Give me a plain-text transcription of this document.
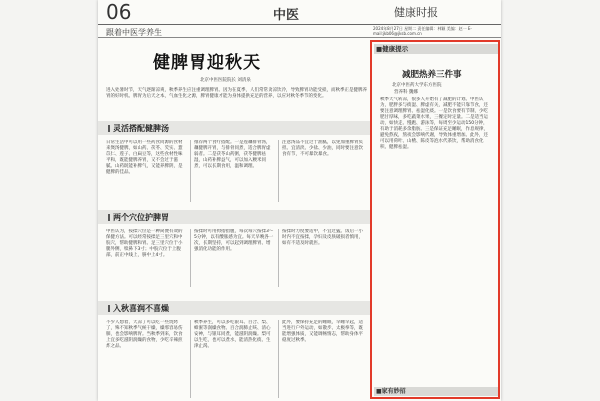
06	中医	健康时报
跟着中医学养生	2024年8月27日 星期二 责任编辑：林颖 美编：赵一 E-mail:jkb06@jksb.com.cn
健脾胃迎秋天
北京中医医院院长 刘清泉
进入处暑时节，天气逐渐凉爽，秋季养生应注重调理脾胃。因为在夏季，人们常常贪凉饮冷，导致脾胃功能受损，而秋季正是健脾养胃的好时机。脾胃为后天之本，气血生化之源，脾胃健康才能为身体提供充足的营养，以应对秋冬季节的变化。
灵活搭配健脾汤
日常生活中可以用一些药食同源的食材来煲汤健脾，如山药、茯苓、芡实、薏苡仁、莲子、白扁豆等，这些食材性味平和，既能健脾养胃，又不会过于滋腻。山药既能补脾气，又能养脾阴，是健脾的佳品。
推荐两个食疗搭配。一是莲藕排骨汤，藕健脾开胃，与排骨同煮，适合脾胃虚弱者。二是茯苓山药粥，茯苓健脾祛湿，山药补脾益气，可以加入粳米同煮，可以长期食用，温和调理。
注意汤品不宜过于油腻，以免加重脾胃负担。宜清淡、少盐、少油，同时要注意饮食有节，不可暴饮暴食。
两个穴位护脾胃
中医认为，按揉穴位是一种简便有效的保健方法。可以经常按揉足三里穴和中脘穴，帮助健脾和胃。足三里穴位于小腿外侧，犊鼻下3寸；中脘穴位于上腹部，前正中线上，脐中上4寸。
按揉时可用拇指指腹，每次每穴按揉3～5分钟，以有酸胀感为宜。每天早晚各一次，长期坚持，可以起到调理脾胃、增强消化功能的作用。
按揉时力度要适中，不宜过猛。饭后一小时内不宜按揉，孕妇及皮肤破损者慎用，如有不适及时就医。
入秋喜润不喜燥
不少人想着，天凉了可以吃一些烧烤了，殊不知秋季气候干燥，燥邪容易伤肺，也会影响脾胃。当秋季到来，饮食上宜多吃滋阴润燥的食物，少吃辛辣煎炸之品。
秋季养生，可以多吃银耳、百合、梨、蜂蜜等润燥食物。百合润肺止咳、清心安神，与银耳同煮，能滋阴润燥。梨可以生吃，也可以煮水，能清热化痰、生津止渴。
此外，要保持充足的睡眠，早睡早起，适当进行户外运动，如散步、太极拳等，既能增强体质，又能调畅情志，帮助身体平稳度过秋季。
■健康提示
减肥热养三件事
北京中医药大学东方医院
营养科 魏娜
秋季天气转凉，很多人开始有了减肥的计划。中医认为，肥胖多与痰湿、脾虚有关，减肥不能只靠节食，还要注意调理脾胃、祛湿化痰。一是饮食要有节制，少吃肥甘厚味，多吃蔬菜水果，三餐定时定量。二是适当运动，如快走、慢跑、游泳等，每周至少运动150分钟，有助于消耗多余脂肪。三是保证充足睡眠，作息规律，避免熬夜，熬夜会影响代谢，导致体重增加。此外，还可以用荷叶、山楂、陈皮等泡水代茶饮，帮助消食化积、健脾祛湿。
■家有妙招
